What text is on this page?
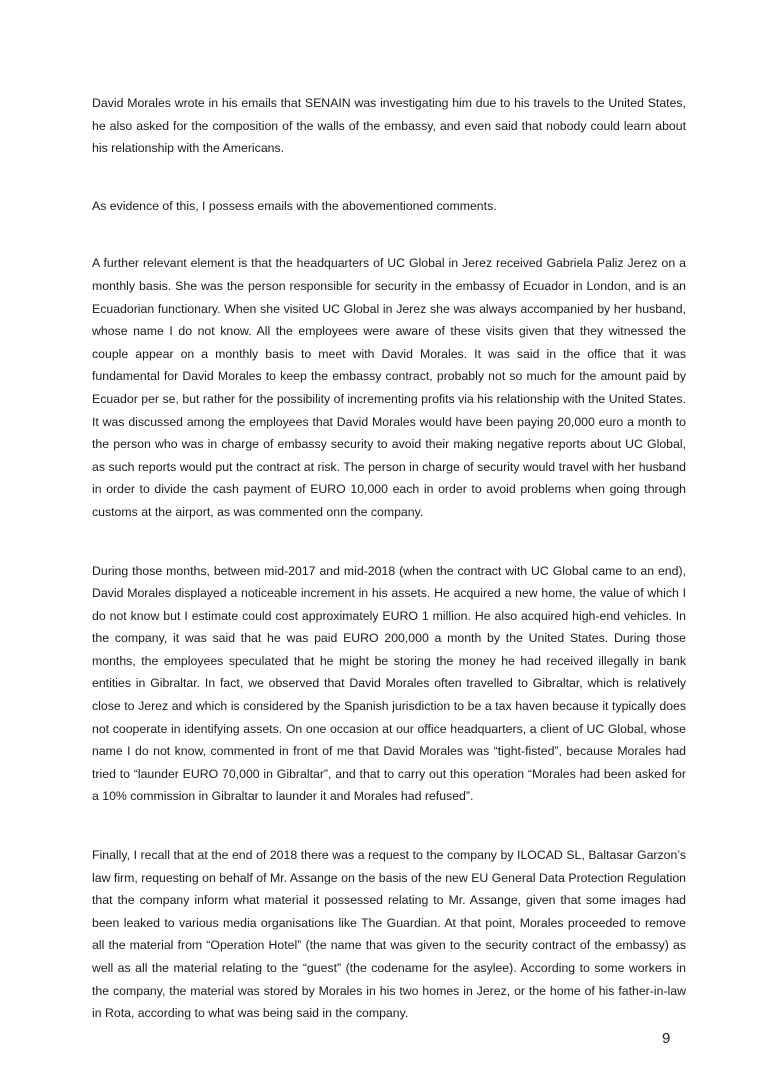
David Morales wrote in his emails that SENAIN was investigating him due to his travels to the United States, he also asked for the composition of the walls of the embassy, and even said that nobody could learn about his relationship with the Americans.

As evidence of this, I possess emails with the abovementioned comments.

A further relevant element is that the headquarters of UC Global in Jerez received Gabriela Paliz Jerez on a monthly basis. She was the person responsible for security in the embassy of Ecuador in London, and is an Ecuadorian functionary. When she visited UC Global in Jerez she was always accompanied by her husband, whose name I do not know. All the employees were aware of these visits given that they witnessed the couple appear on a monthly basis to meet with David Morales. It was said in the office that it was fundamental for David Morales to keep the embassy contract, probably not so much for the amount paid by Ecuador per se, but rather for the possibility of incrementing profits via his relationship with the United States. It was discussed among the employees that David Morales would have been paying 20,000 euro a month to the person who was in charge of embassy security to avoid their making negative reports about UC Global, as such reports would put the contract at risk. The person in charge of security would travel with her husband in order to divide the cash payment of EURO 10,000 each in order to avoid problems when going through customs at the airport, as was commented onn the company.

During those months, between mid-2017 and mid-2018 (when the contract with UC Global came to an end), David Morales displayed a noticeable increment in his assets. He acquired a new home, the value of which I do not know but I estimate could cost approximately EURO 1 million. He also acquired high-end vehicles. In the company, it was said that he was paid EURO 200,000 a month by the United States. During those months, the employees speculated that he might be storing the money he had received illegally in bank entities in Gibraltar. In fact, we observed that David Morales often travelled to Gibraltar, which is relatively close to Jerez and which is considered by the Spanish jurisdiction to be a tax haven because it typically does not cooperate in identifying assets. On one occasion at our office headquarters, a client of UC Global, whose name I do not know, commented in front of me that David Morales was “tight-fisted”, because Morales had tried to “launder EURO 70,000 in Gibraltar”, and that to carry out this operation “Morales had been asked for a 10% commission in Gibraltar to launder it and Morales had refused”.

Finally, I recall that at the end of 2018 there was a request to the company by ILOCAD SL, Baltasar Garzon’s law firm, requesting on behalf of Mr. Assange on the basis of the new EU General Data Protection Regulation that the company inform what material it possessed relating to Mr. Assange, given that some images had been leaked to various media organisations like The Guardian. At that point, Morales proceeded to remove all the material from “Operation Hotel” (the name that was given to the security contract of the embassy) as well as all the material relating to the “guest” (the codename for the asylee). According to some workers in the company, the material was stored by Morales in his two homes in Jerez, or the home of his father-in-law in Rota, according to what was being said in the company.

9
